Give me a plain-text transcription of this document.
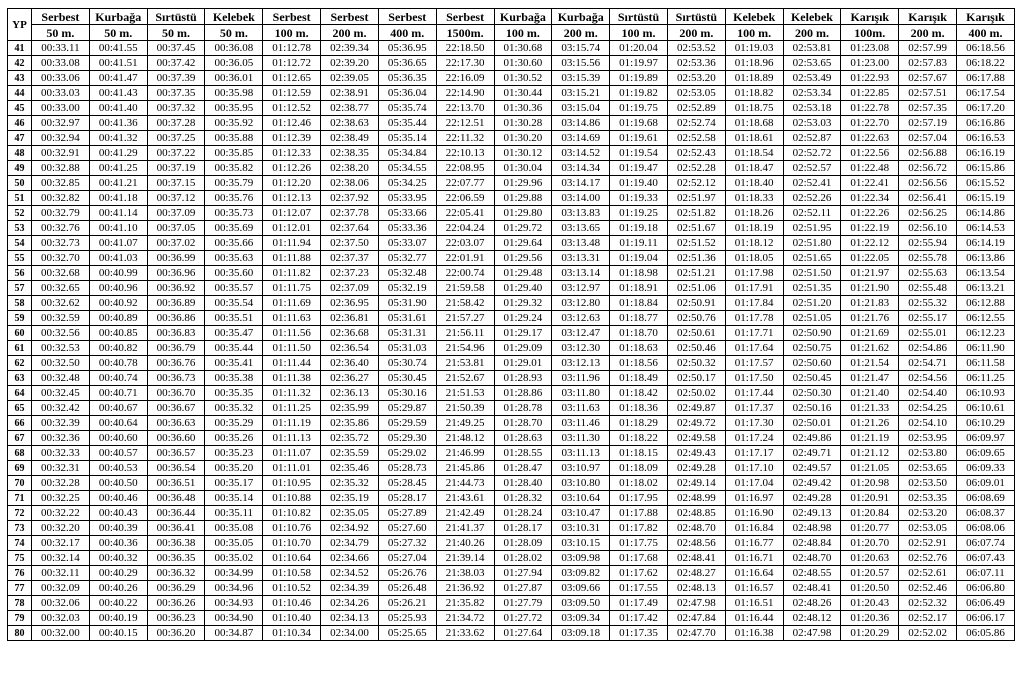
YP	Serbest	Kurbağa	Sırtüstü	Kelebek	Serbest	Serbest	Serbest	Serbest	Kurbağa	Kurbağa	Sırtüstü	Sırtüstü	Kelebek	Kelebek	Karışık	Karışık	Karışık
	50 m.	50 m.	50 m.	50 m.	100 m.	200 m.	400 m.	1500m.	100 m.	200 m.	100 m.	200 m.	100 m.	200 m.	100m.	200 m.	400 m.
41	00:33.11	00:41.55	00:37.45	00:36.08	01:12.78	02:39.34	05:36.95	22:18.50	01:30.68	03:15.74	01:20.04	02:53.52	01:19.03	02:53.81	01:23.08	02:57.99	06:18.56
42	00:33.08	00:41.51	00:37.42	00:36.05	01:12.72	02:39.20	05:36.65	22:17.30	01:30.60	03:15.56	01:19.97	02:53.36	01:18.96	02:53.65	01:23.00	02:57.83	06:18.22
43	00:33.06	00:41.47	00:37.39	00:36.01	01:12.65	02:39.05	05:36.35	22:16.09	01:30.52	03:15.39	01:19.89	02:53.20	01:18.89	02:53.49	01:22.93	02:57.67	06:17.88
44	00:33.03	00:41.43	00:37.35	00:35.98	01:12.59	02:38.91	05:36.04	22:14.90	01:30.44	03:15.21	01:19.82	02:53.05	01:18.82	02:53.34	01:22.85	02:57.51	06:17.54
45	00:33.00	00:41.40	00:37.32	00:35.95	01:12.52	02:38.77	05:35.74	22:13.70	01:30.36	03:15.04	01:19.75	02:52.89	01:18.75	02:53.18	01:22.78	02:57.35	06:17.20
46	00:32.97	00:41.36	00:37.28	00:35.92	01:12.46	02:38.63	05:35.44	22:12.51	01:30.28	03:14.86	01:19.68	02:52.74	01:18.68	02:53.03	01:22.70	02:57.19	06:16.86
47	00:32.94	00:41.32	00:37.25	00:35.88	01:12.39	02:38.49	05:35.14	22:11.32	01:30.20	03:14.69	01:19.61	02:52.58	01:18.61	02:52.87	01:22.63	02:57.04	06:16.53
48	00:32.91	00:41.29	00:37.22	00:35.85	01:12.33	02:38.35	05:34.84	22:10.13	01:30.12	03:14.52	01:19.54	02:52.43	01:18.54	02:52.72	01:22.56	02:56.88	06:16.19
49	00:32.88	00:41.25	00:37.19	00:35.82	01:12.26	02:38.20	05:34.55	22:08.95	01:30.04	03:14.34	01:19.47	02:52.28	01:18.47	02:52.57	01:22.48	02:56.72	06:15.86
50	00:32.85	00:41.21	00:37.15	00:35.79	01:12.20	02:38.06	05:34.25	22:07.77	01:29.96	03:14.17	01:19.40	02:52.12	01:18.40	02:52.41	01:22.41	02:56.56	06:15.52
51	00:32.82	00:41.18	00:37.12	00:35.76	01:12.13	02:37.92	05:33.95	22:06.59	01:29.88	03:14.00	01:19.33	02:51.97	01:18.33	02:52.26	01:22.34	02:56.41	06:15.19
52	00:32.79	00:41.14	00:37.09	00:35.73	01:12.07	02:37.78	05:33.66	22:05.41	01:29.80	03:13.83	01:19.25	02:51.82	01:18.26	02:52.11	01:22.26	02:56.25	06:14.86
53	00:32.76	00:41.10	00:37.05	00:35.69	01:12.01	02:37.64	05:33.36	22:04.24	01:29.72	03:13.65	01:19.18	02:51.67	01:18.19	02:51.95	01:22.19	02:56.10	06:14.53
54	00:32.73	00:41.07	00:37.02	00:35.66	01:11.94	02:37.50	05:33.07	22:03.07	01:29.64	03:13.48	01:19.11	02:51.52	01:18.12	02:51.80	01:22.12	02:55.94	06:14.19
55	00:32.70	00:41.03	00:36.99	00:35.63	01:11.88	02:37.37	05:32.77	22:01.91	01:29.56	03:13.31	01:19.04	02:51.36	01:18.05	02:51.65	01:22.05	02:55.78	06:13.86
56	00:32.68	00:40.99	00:36.96	00:35.60	01:11.82	02:37.23	05:32.48	22:00.74	01:29.48	03:13.14	01:18.98	02:51.21	01:17.98	02:51.50	01:21.97	02:55.63	06:13.54
57	00:32.65	00:40.96	00:36.92	00:35.57	01:11.75	02:37.09	05:32.19	21:59.58	01:29.40	03:12.97	01:18.91	02:51.06	01:17.91	02:51.35	01:21.90	02:55.48	06:13.21
58	00:32.62	00:40.92	00:36.89	00:35.54	01:11.69	02:36.95	05:31.90	21:58.42	01:29.32	03:12.80	01:18.84	02:50.91	01:17.84	02:51.20	01:21.83	02:55.32	06:12.88
59	00:32.59	00:40.89	00:36.86	00:35.51	01:11.63	02:36.81	05:31.61	21:57.27	01:29.24	03:12.63	01:18.77	02:50.76	01:17.78	02:51.05	01:21.76	02:55.17	06:12.55
60	00:32.56	00:40.85	00:36.83	00:35.47	01:11.56	02:36.68	05:31.31	21:56.11	01:29.17	03:12.47	01:18.70	02:50.61	01:17.71	02:50.90	01:21.69	02:55.01	06:12.23
61	00:32.53	00:40.82	00:36.79	00:35.44	01:11.50	02:36.54	05:31.03	21:54.96	01:29.09	03:12.30	01:18.63	02:50.46	01:17.64	02:50.75	01:21.62	02:54.86	06:11.90
62	00:32.50	00:40.78	00:36.76	00:35.41	01:11.44	02:36.40	05:30.74	21:53.81	01:29.01	03:12.13	01:18.56	02:50.32	01:17.57	02:50.60	01:21.54	02:54.71	06:11.58
63	00:32.48	00:40.74	00:36.73	00:35.38	01:11.38	02:36.27	05:30.45	21:52.67	01:28.93	03:11.96	01:18.49	02:50.17	01:17.50	02:50.45	01:21.47	02:54.56	06:11.25
64	00:32.45	00:40.71	00:36.70	00:35.35	01:11.32	02:36.13	05:30.16	21:51.53	01:28.86	03:11.80	01:18.42	02:50.02	01:17.44	02:50.30	01:21.40	02:54.40	06:10.93
65	00:32.42	00:40.67	00:36.67	00:35.32	01:11.25	02:35.99	05:29.87	21:50.39	01:28.78	03:11.63	01:18.36	02:49.87	01:17.37	02:50.16	01:21.33	02:54.25	06:10.61
66	00:32.39	00:40.64	00:36.63	00:35.29	01:11.19	02:35.86	05:29.59	21:49.25	01:28.70	03:11.46	01:18.29	02:49.72	01:17.30	02:50.01	01:21.26	02:54.10	06:10.29
67	00:32.36	00:40.60	00:36.60	00:35.26	01:11.13	02:35.72	05:29.30	21:48.12	01:28.63	03:11.30	01:18.22	02:49.58	01:17.24	02:49.86	01:21.19	02:53.95	06:09.97
68	00:32.33	00:40.57	00:36.57	00:35.23	01:11.07	02:35.59	05:29.02	21:46.99	01:28.55	03:11.13	01:18.15	02:49.43	01:17.17	02:49.71	01:21.12	02:53.80	06:09.65
69	00:32.31	00:40.53	00:36.54	00:35.20	01:11.01	02:35.46	05:28.73	21:45.86	01:28.47	03:10.97	01:18.09	02:49.28	01:17.10	02:49.57	01:21.05	02:53.65	06:09.33
70	00:32.28	00:40.50	00:36.51	00:35.17	01:10.95	02:35.32	05:28.45	21:44.73	01:28.40	03:10.80	01:18.02	02:49.14	01:17.04	02:49.42	01:20.98	02:53.50	06:09.01
71	00:32.25	00:40.46	00:36.48	00:35.14	01:10.88	02:35.19	05:28.17	21:43.61	01:28.32	03:10.64	01:17.95	02:48.99	01:16.97	02:49.28	01:20.91	02:53.35	06:08.69
72	00:32.22	00:40.43	00:36.44	00:35.11	01:10.82	02:35.05	05:27.89	21:42.49	01:28.24	03:10.47	01:17.88	02:48.85	01:16.90	02:49.13	01:20.84	02:53.20	06:08.37
73	00:32.20	00:40.39	00:36.41	00:35.08	01:10.76	02:34.92	05:27.60	21:41.37	01:28.17	03:10.31	01:17.82	02:48.70	01:16.84	02:48.98	01:20.77	02:53.05	06:08.06
74	00:32.17	00:40.36	00:36.38	00:35.05	01:10.70	02:34.79	05:27.32	21:40.26	01:28.09	03:10.15	01:17.75	02:48.56	01:16.77	02:48.84	01:20.70	02:52.91	06:07.74
75	00:32.14	00:40.32	00:36.35	00:35.02	01:10.64	02:34.66	05:27.04	21:39.14	01:28.02	03:09.98	01:17.68	02:48.41	01:16.71	02:48.70	01:20.63	02:52.76	06:07.43
76	00:32.11	00:40.29	00:36.32	00:34.99	01:10.58	02:34.52	05:26.76	21:38.03	01:27.94	03:09.82	01:17.62	02:48.27	01:16.64	02:48.55	01:20.57	02:52.61	06:07.11
77	00:32.09	00:40.26	00:36.29	00:34.96	01:10.52	02:34.39	05:26.48	21:36.92	01:27.87	03:09.66	01:17.55	02:48.13	01:16.57	02:48.41	01:20.50	02:52.46	06:06.80
78	00:32.06	00:40.22	00:36.26	00:34.93	01:10.46	02:34.26	05:26.21	21:35.82	01:27.79	03:09.50	01:17.49	02:47.98	01:16.51	02:48.26	01:20.43	02:52.32	06:06.49
79	00:32.03	00:40.19	00:36.23	00:34.90	01:10.40	02:34.13	05:25.93	21:34.72	01:27.72	03:09.34	01:17.42	02:47.84	01:16.44	02:48.12	01:20.36	02:52.17	06:06.17
80	00:32.00	00:40.15	00:36.20	00:34.87	01:10.34	02:34.00	05:25.65	21:33.62	01:27.64	03:09.18	01:17.35	02:47.70	01:16.38	02:47.98	01:20.29	02:52.02	06:05.86
